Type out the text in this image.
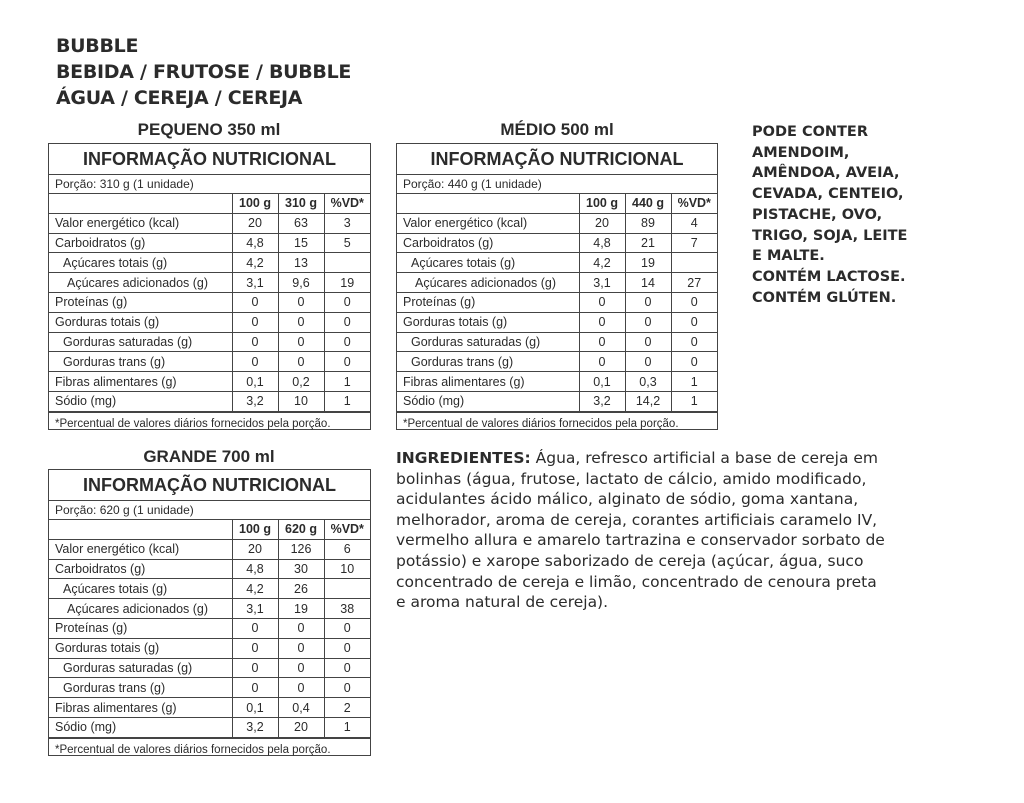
BUBBLE
BEBIDA / FRUTOSE / BUBBLE
ÁGUA / CEREJA / CEREJA
PEQUENO 350 ml	MÉDIO 500 ml
GRANDE 700 ml
INFORMAÇÃO NUTRICIONAL
Porção: 310 g (1 unidade)
	100 g	310 g	%VD*
Valor energético (kcal)	20	63	3
Carboidratos (g)	4,8	15	5
Açúcares totais (g)	4,2	13	
Açúcares adicionados (g)	3,1	9,6	19
Proteínas (g)	0	0	0
Gorduras totais (g)	0	0	0
Gorduras saturadas (g)	0	0	0
Gorduras trans (g)	0	0	0
Fibras alimentares (g)	0,1	0,2	1
Sódio (mg)	3,2	10	1
*Percentual de valores diários fornecidos pela porção.
INFORMAÇÃO NUTRICIONAL
Porção: 440 g (1 unidade)
	100 g	440 g	%VD*
Valor energético (kcal)	20	89	4
Carboidratos (g)	4,8	21	7
Açúcares totais (g)	4,2	19	
Açúcares adicionados (g)	3,1	14	27
Proteínas (g)	0	0	0
Gorduras totais (g)	0	0	0
Gorduras saturadas (g)	0	0	0
Gorduras trans (g)	0	0	0
Fibras alimentares (g)	0,1	0,3	1
Sódio (mg)	3,2	14,2	1
*Percentual de valores diários fornecidos pela porção.
INFORMAÇÃO NUTRICIONAL
Porção: 620 g (1 unidade)
	100 g	620 g	%VD*
Valor energético (kcal)	20	126	6
Carboidratos (g)	4,8	30	10
Açúcares totais (g)	4,2	26	
Açúcares adicionados (g)	3,1	19	38
Proteínas (g)	0	0	0
Gorduras totais (g)	0	0	0
Gorduras saturadas (g)	0	0	0
Gorduras trans (g)	0	0	0
Fibras alimentares (g)	0,1	0,4	2
Sódio (mg)	3,2	20	1
*Percentual de valores diários fornecidos pela porção.
PODE CONTER
AMENDOIM,
AMÊNDOA, AVEIA,
CEVADA, CENTEIO,
PISTACHE, OVO,
TRIGO, SOJA, LEITE
E MALTE.
CONTÉM LACTOSE.
CONTÉM GLÚTEN.
INGREDIENTES: Água, refresco artificial a base de cereja em bolinhas (água, frutose, lactato de cálcio, amido modificado, acidulantes ácido málico, alginato de sódio, goma xantana, melhorador, aroma de cereja, corantes artificiais caramelo IV, vermelho allura e amarelo tartrazina e conservador sorbato de potássio) e xarope saborizado de cereja (açúcar, água, suco concentrado de cereja e limão, concentrado de cenoura preta e aroma natural de cereja).
